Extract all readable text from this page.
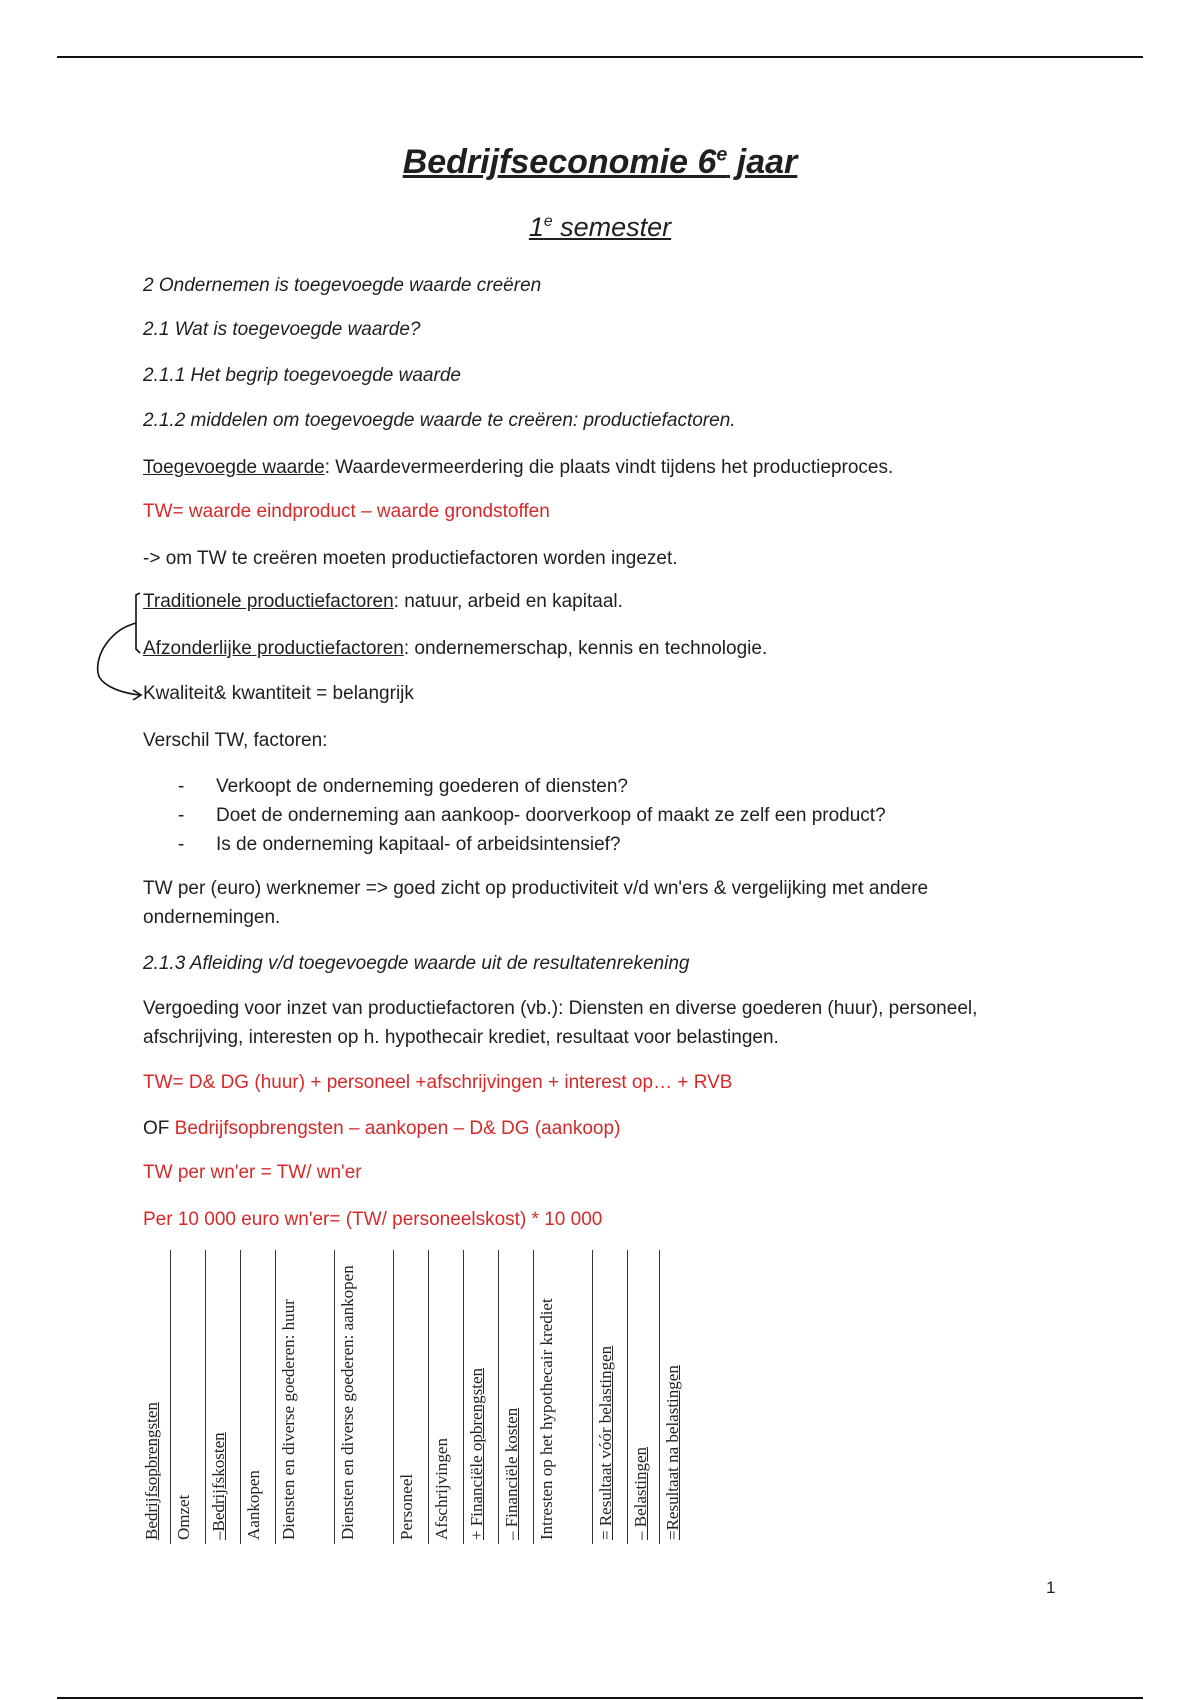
Bedrijfseconomie 6e jaar
1e semester
2 Ondernemen is toegevoegde waarde creëren
2.1 Wat is toegevoegde waarde?
2.1.1 Het begrip toegevoegde waarde
2.1.2 middelen om toegevoegde waarde te creëren: productiefactoren.
Toegevoegde waarde: Waardevermeerdering die plaats vindt tijdens het productieproces.
TW= waarde eindproduct – waarde grondstoffen
-> om TW te creëren moeten productiefactoren worden ingezet.
Traditionele productiefactoren: natuur, arbeid en kapitaal.
Afzonderlijke productiefactoren: ondernemerschap, kennis en technologie.
Kwaliteit& kwantiteit = belangrijk
Verschil TW, factoren:
- Verkoopt de onderneming goederen of diensten?
- Doet de onderneming aan aankoop- doorverkoop of maakt ze zelf een product?
- Is de onderneming kapitaal- of arbeidsintensief?
TW per (euro) werknemer => goed zicht op productiviteit v/d wn'ers & vergelijking met andere ondernemingen.
2.1.3 Afleiding v/d toegevoegde waarde uit de resultatenrekening
Vergoeding voor inzet van productiefactoren (vb.): Diensten en diverse goederen (huur), personeel, afschrijving, interesten op h. hypothecair krediet, resultaat voor belastingen.
TW= D& DG (huur) + personeel +afschrijvingen + interest op… + RVB
OF Bedrijfsopbrengsten – aankopen – D& DG (aankoop)
TW per wn'er = TW/ wn'er
Per 10 000 euro wn'er= (TW/ personeelskost) * 10 000
Bedrijfsopbrengsten Omzet –Bedrijfskosten Aankopen Diensten en diverse goederen: huur Diensten en diverse goederen: aankopen Personeel Afschrijvingen + Financiële opbrengsten – Financiële kosten Intresten op het hypothecair krediet = Resultaat vóór belastingen – Belastingen =Resultaat na belastingen
1
